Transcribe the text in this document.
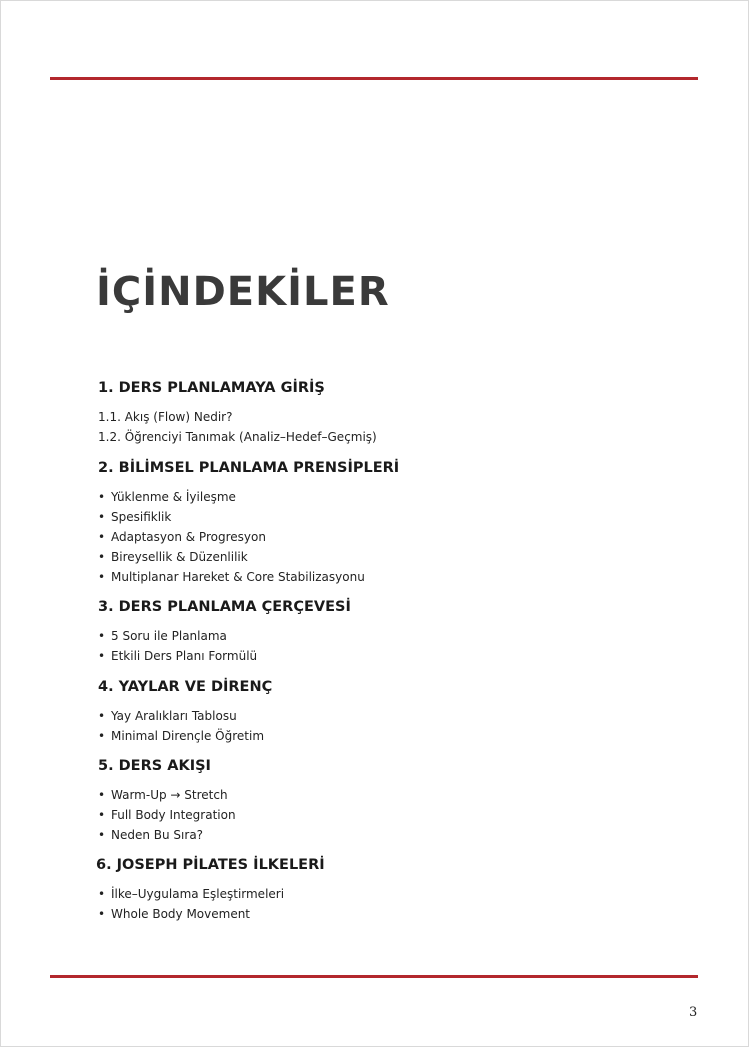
İÇİNDEKİLER
1. DERS PLANLAMAYA GİRİŞ
1.1. Akış (Flow) Nedir?
1.2. Öğrenciyi Tanımak (Analiz–Hedef–Geçmiş)
2. BİLİMSEL PLANLAMA PRENSİPLERİ
• Yüklenme & İyileşme
• Spesifiklik
• Adaptasyon & Progresyon
• Bireysellik & Düzenlilik
• Multiplanar Hareket & Core Stabilizasyonu
3. DERS PLANLAMA ÇERÇEVESİ
• 5 Soru ile Planlama
• Etkili Ders Planı Formülü
4. YAYLAR VE DİRENÇ
• Yay Aralıkları Tablosu
• Minimal Dirençle Öğretim
5. DERS AKIŞI
• Warm-Up → Stretch
• Full Body Integration
• Neden Bu Sıra?
6. JOSEPH PİLATES İLKELERİ
• İlke–Uygulama Eşleştirmeleri
• Whole Body Movement
3
